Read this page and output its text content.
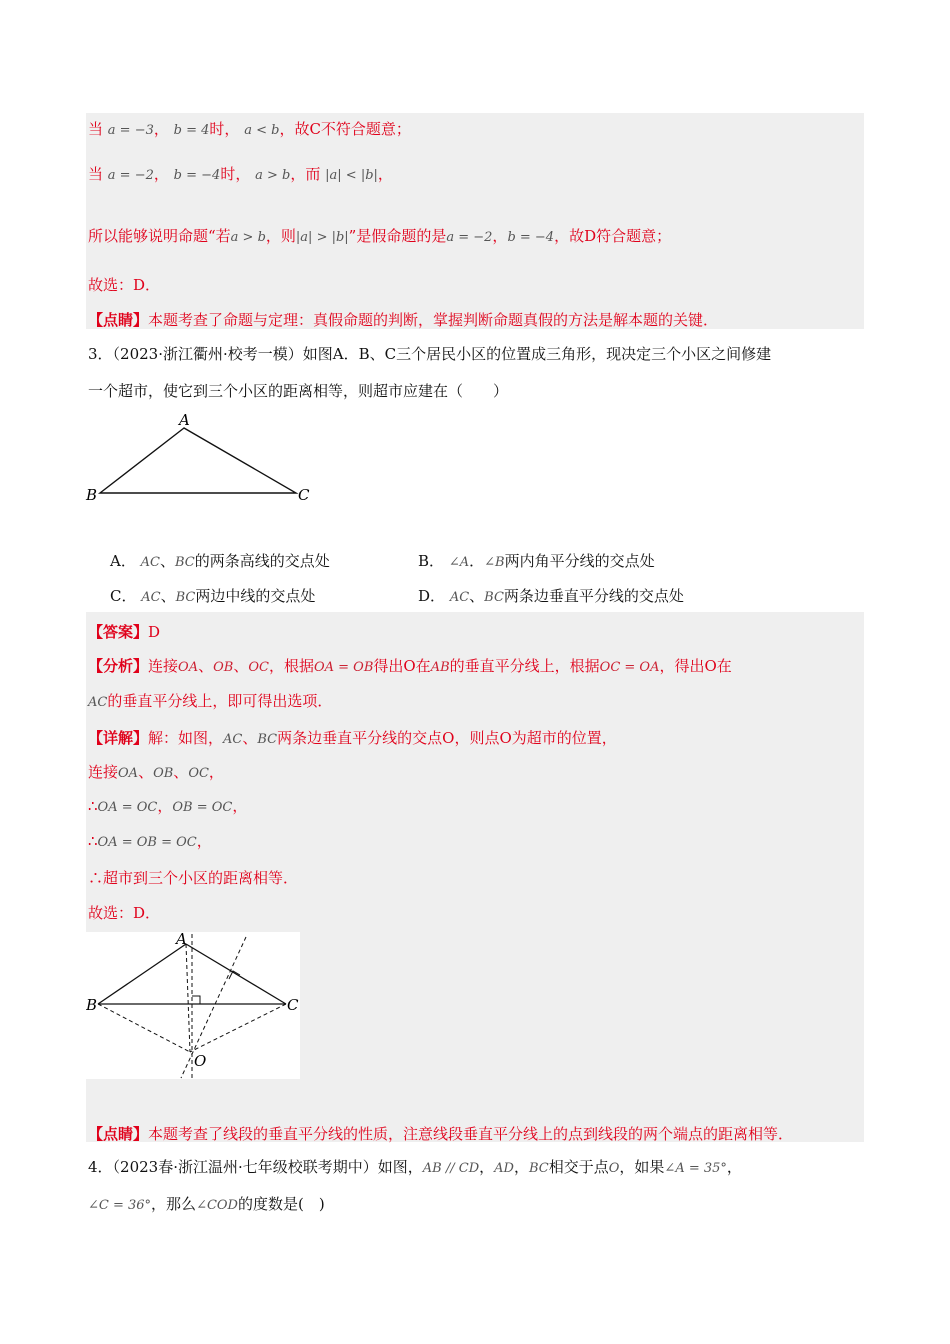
当 a = −3， b = 4时， a < b，故C不符合题意；
当 a = −2， b = −4时， a > b，而 |a| < |b|，
所以能够说明命题“若a > b，则|a| > |b|”是假命题的是a = −2，b = −4，故D符合题意；
故选：D．
【点睛】本题考查了命题与定理：真假命题的判断，掌握判断命题真假的方法是解本题的关键．
3．（2023·浙江衢州·校考一模）如图A．B、C三个居民小区的位置成三角形，现决定三个小区之间修建
一个超市，使它到三个小区的距离相等，则超市应建在（　　）
A
B	C
A． AC、BC的两条高线的交点处	B． ∠A．∠B两内角平分线的交点处
C． AC、BC两边中线的交点处	D． AC、BC两条边垂直平分线的交点处
【答案】D
【分析】连接OA、OB、OC，根据OA = OB得出O在AB的垂直平分线上，根据OC = OA，得出O在
AC的垂直平分线上，即可得出选项．
【详解】解：如图，AC、BC两条边垂直平分线的交点O，则点O为超市的位置，
连接OA、OB、OC，
∴OA = OC，OB = OC，
∴OA = OB = OC，
∴超市到三个小区的距离相等．
故选：D．
A
B	C
O
【点睛】本题考查了线段的垂直平分线的性质，注意线段垂直平分线上的点到线段的两个端点的距离相等．
4．（2023春·浙江温州·七年级校联考期中）如图，AB // CD，AD，BC相交于点O，如果∠A = 35°，
∠C = 36°，那么∠COD的度数是(　)
